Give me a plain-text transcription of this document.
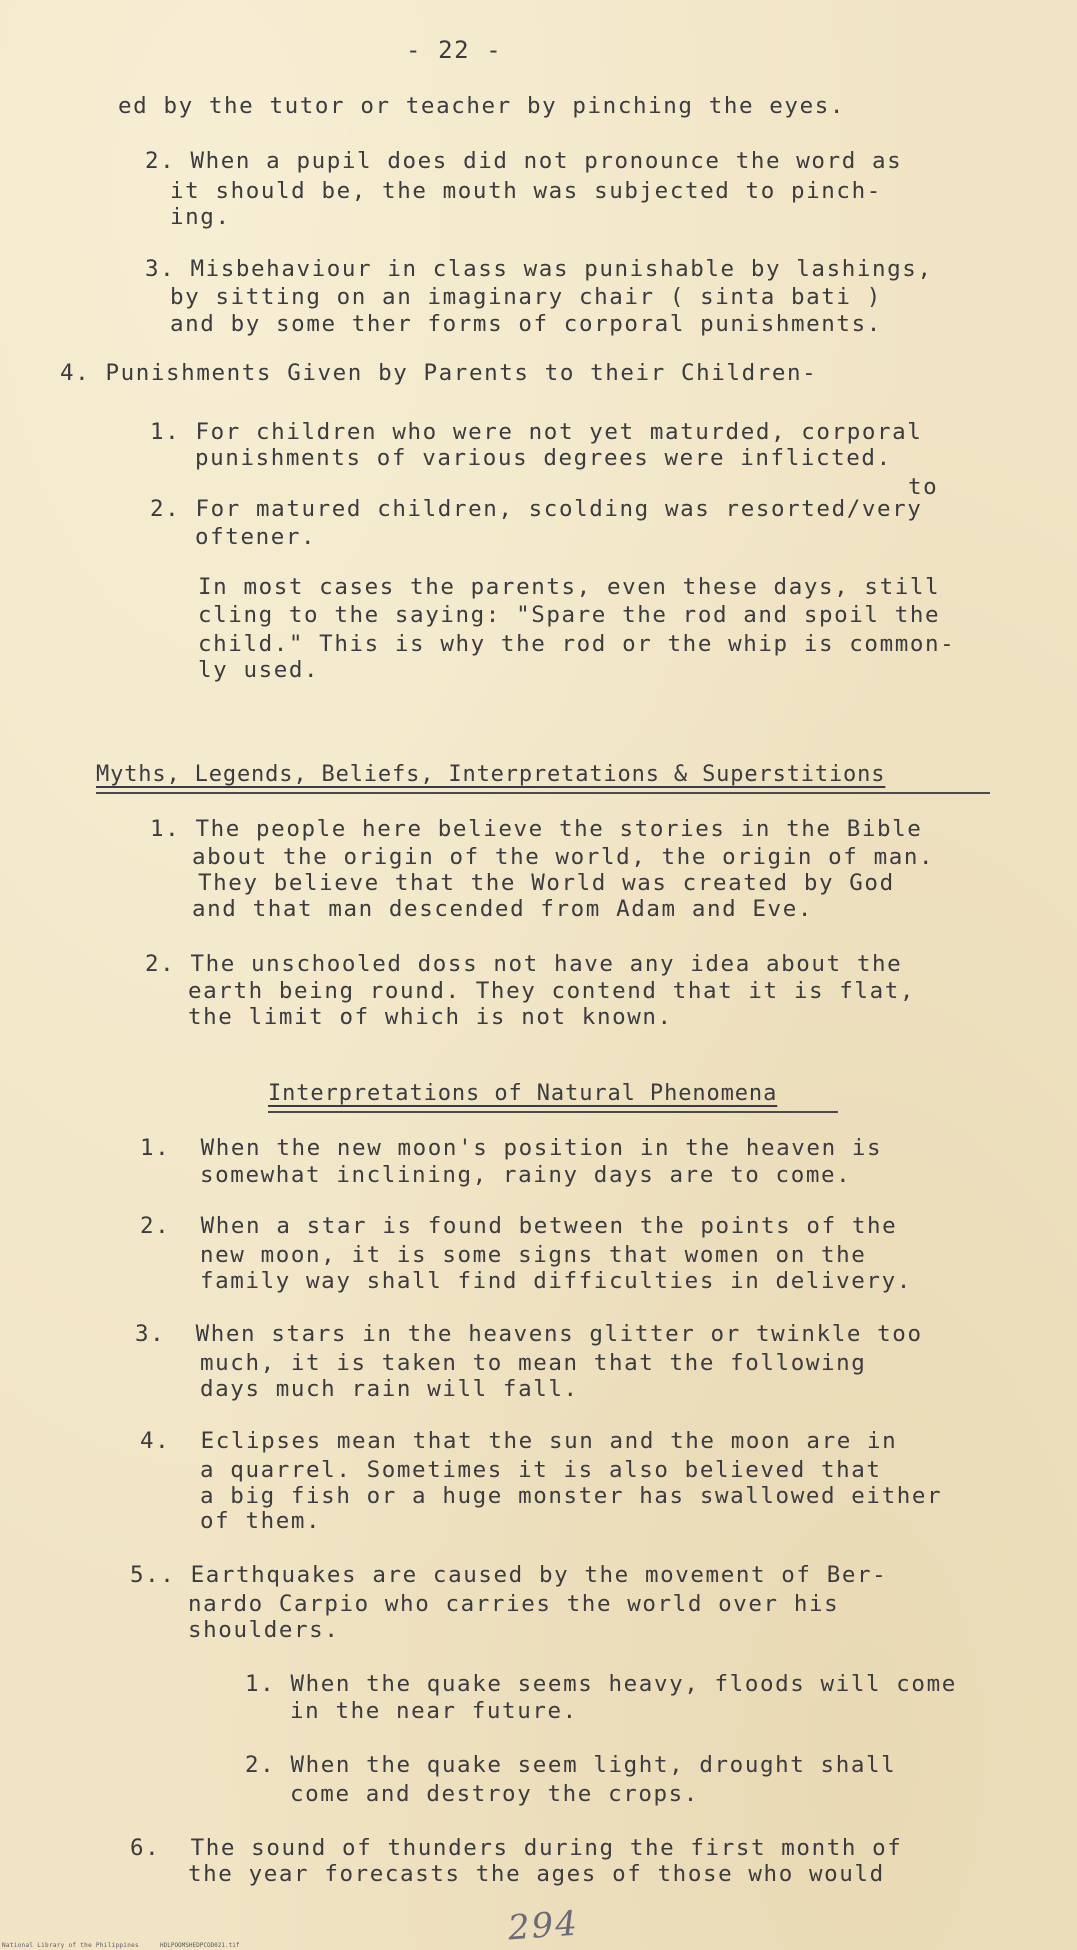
- 22 -
ed by the tutor or teacher by pinching the eyes.
2. When a pupil does did not pronounce the word as
it should be, the mouth was subjected to pinch-
ing.
3. Misbehaviour in class was punishable by lashings,
by sitting on an imaginary chair ( sinta bati )
and by some ther forms of corporal punishments.
4. Punishments Given by Parents to their Children-
1. For children who were not yet maturded, corporal
punishments of various degrees were inflicted.
to
2. For matured children, scolding was resorted/very
oftener.
In most cases the parents, even these days, still
cling to the saying: "Spare the rod and spoil the
child." This is why the rod or the whip is common-
ly used.
Myths, Legends, Beliefs, Interpretations & Superstitions
1. The people here believe the stories in the Bible
about the origin of the world, the origin of man.
They believe that the World was created by God
and that man descended from Adam and Eve.
2. The unschooled doss not have any idea about the
earth being round. They contend that it is flat,
the limit of which is not known.
Interpretations of Natural Phenomena
1.  When the new moon's position in the heaven is
somewhat inclining, rainy days are to come.
2.  When a star is found between the points of the
new moon, it is some signs that women on the
family way shall find difficulties in delivery.
3.  When stars in the heavens glitter or twinkle too
much, it is taken to mean that the following
days much rain will fall.
4.  Eclipses mean that the sun and the moon are in
a quarrel. Sometimes it is also believed that
a big fish or a huge monster has swallowed either
of them.
5.. Earthquakes are caused by the movement of Ber-
nardo Carpio who carries the world over his
shoulders.
1. When the quake seems heavy, floods will come
in the near future.
2. When the quake seem light, drought shall
come and destroy the crops.
6.  The sound of thunders during the first month of
the year forecasts the ages of those who would
294
National Library of the Philippines	HDLPOOMSHEDPCOD021.tif
